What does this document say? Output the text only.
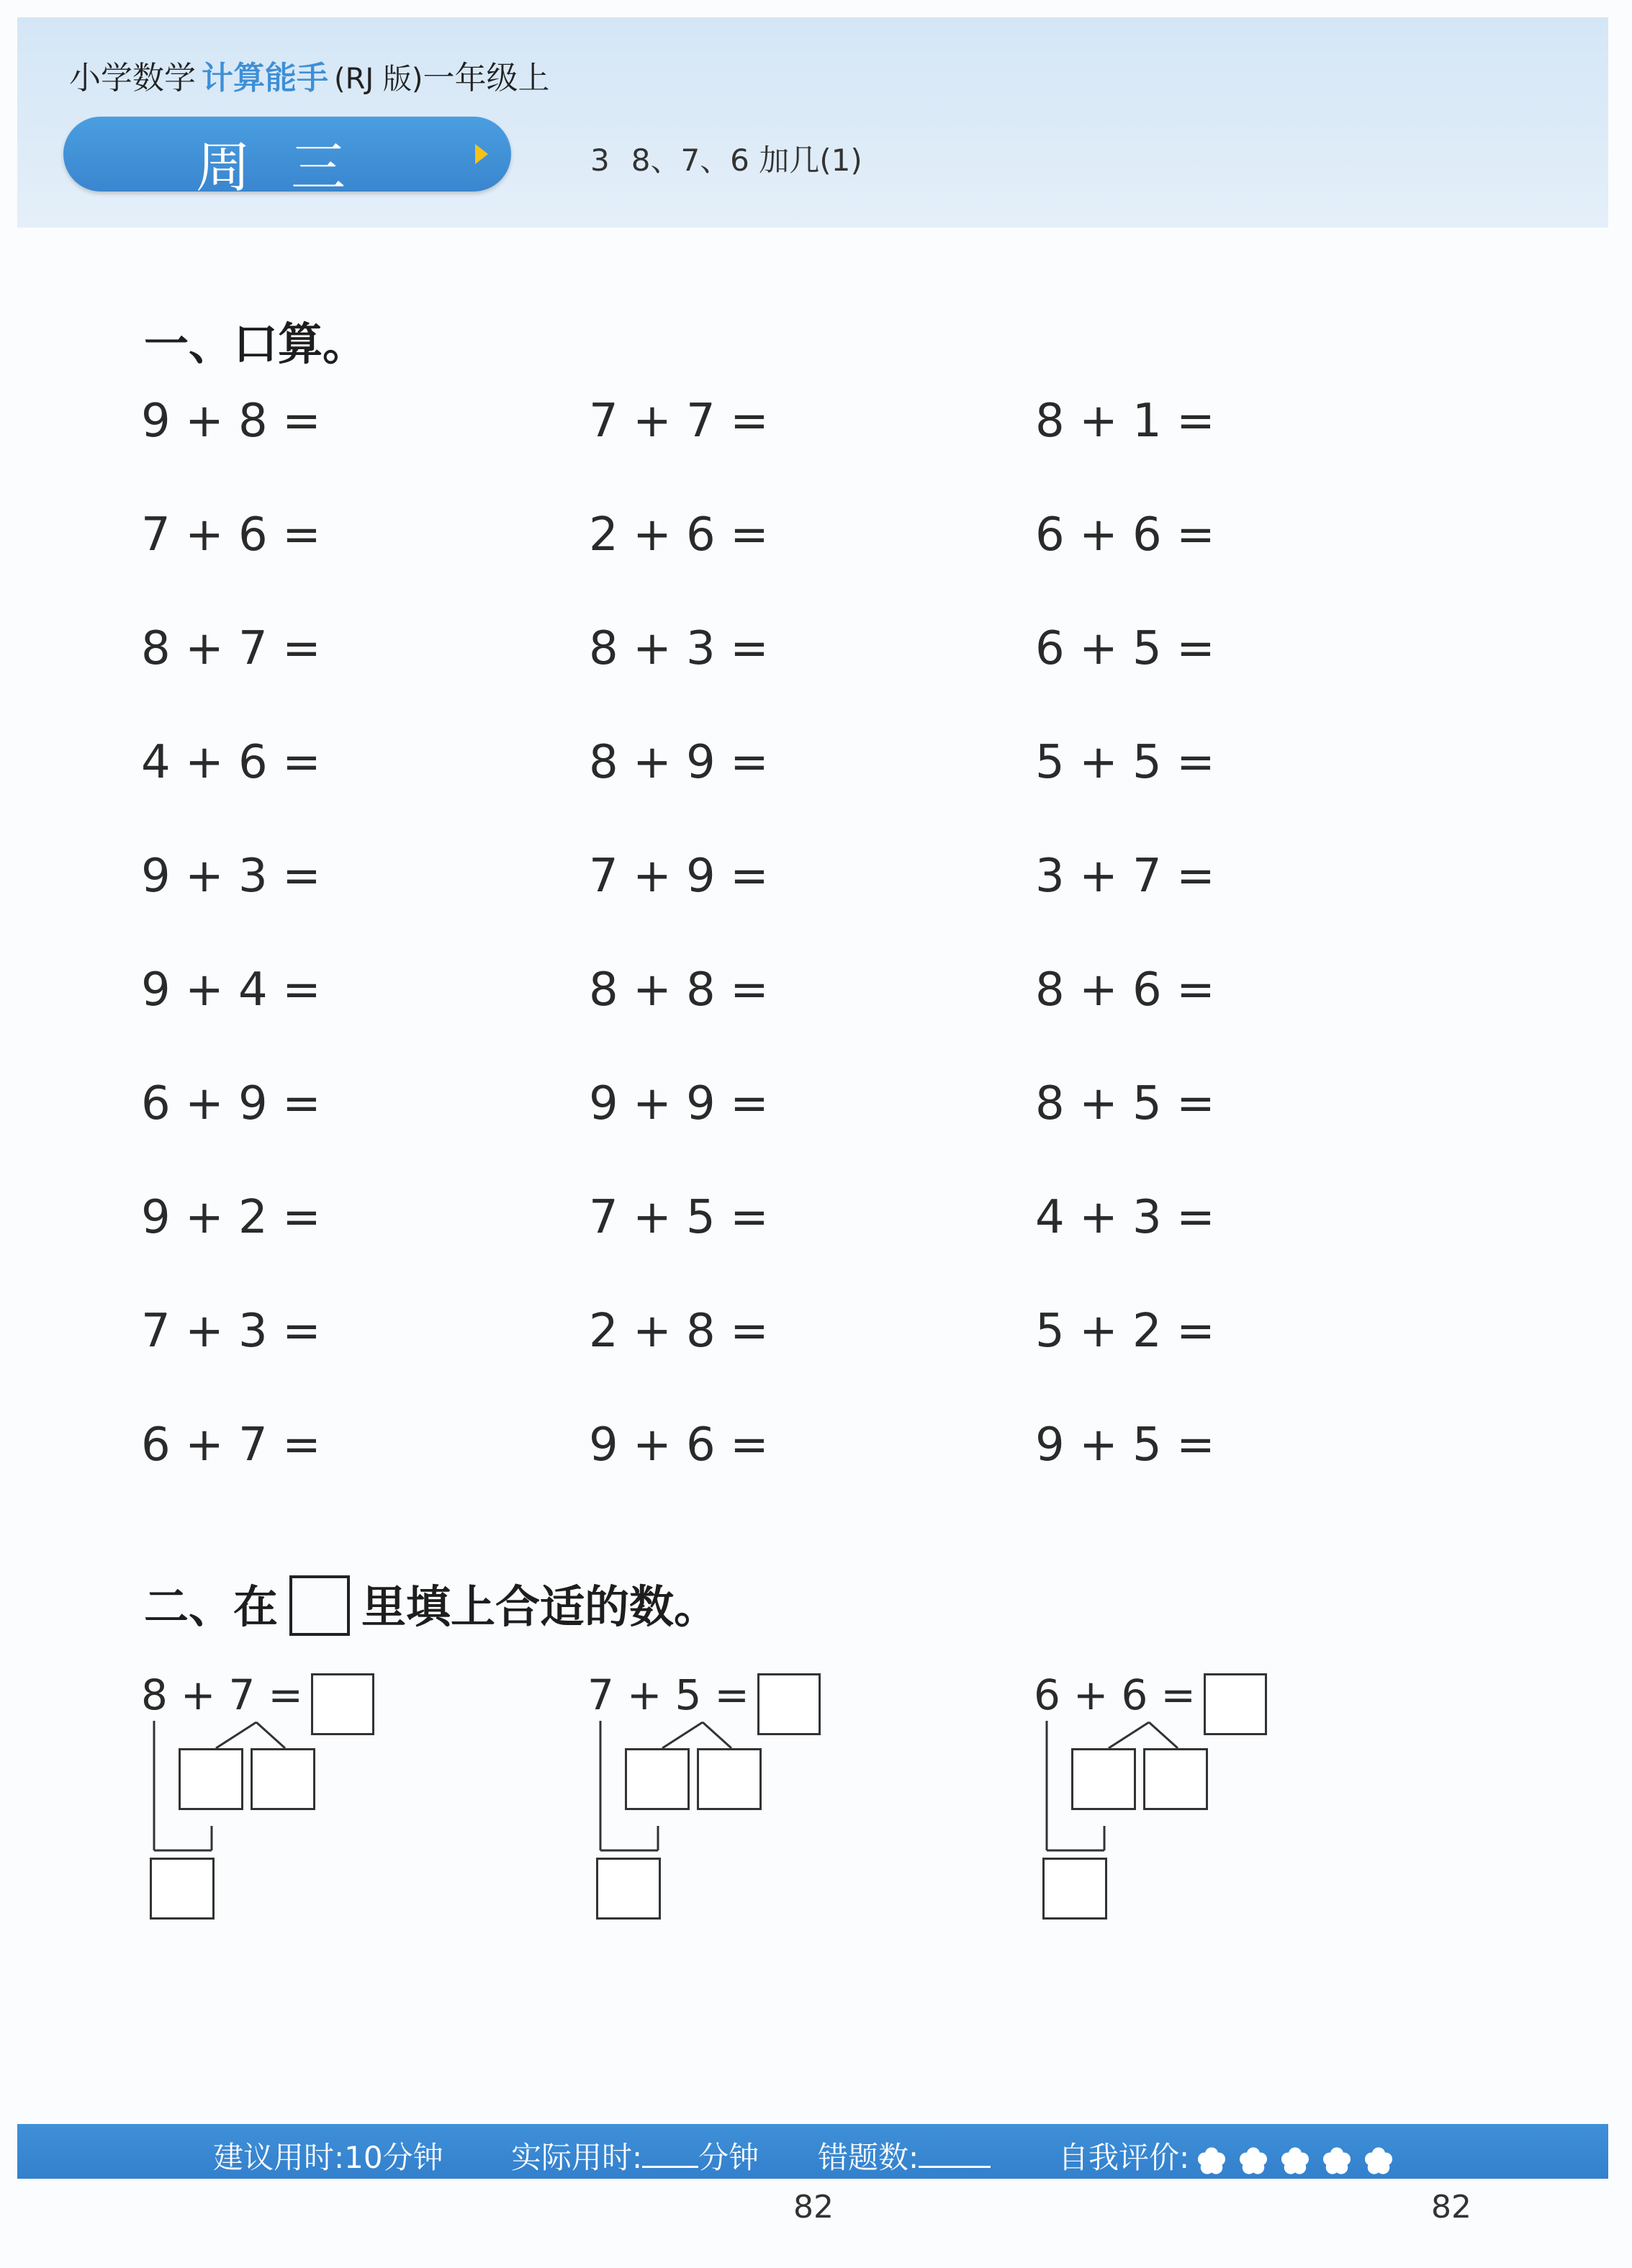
小学数学 计算能手 (RJ 版)一年级上
周三	3 8、7、6 加几(1)
一、口算。
9 + 8 =	7 + 7 =	8 + 1 =
7 + 6 =	2 + 6 =	6 + 6 =
8 + 7 =	8 + 3 =	6 + 5 =
4 + 6 =	8 + 9 =	5 + 5 =
9 + 3 =	7 + 9 =	3 + 7 =
9 + 4 =	8 + 8 =	8 + 6 =
6 + 9 =	9 + 9 =	8 + 5 =
9 + 2 =	7 + 5 =	4 + 3 =
7 + 3 =	2 + 8 =	5 + 2 =
6 + 7 =	9 + 6 =	9 + 5 =
二、在 里填上合适的数。
8 + 7 =	7 + 5 =	6 + 6 =
建议用时:10分钟 实际用时: 分钟 错题数:	自我评价:
82	82
